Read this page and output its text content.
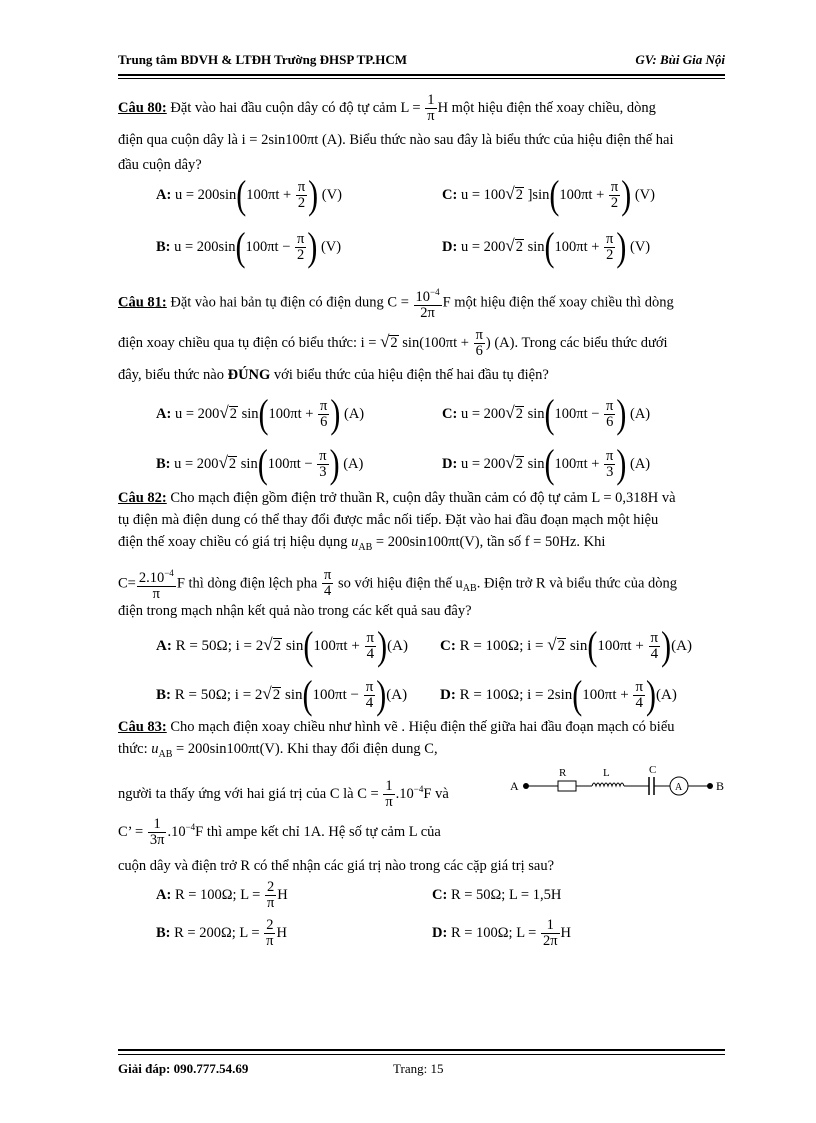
Trung tâm BDVH & LTĐH Trường ĐHSP TP.HCM	GV: Bùi Gia Nội
Câu 80: Đặt vào hai đầu cuộn dây có độ tự cảm $L = \frac{1}{\pi}$ H một hiệu điện thế xoay chiều, dòng
điện qua cuộn dây là i = 2sin100πt (A). Biểu thức nào sau đây là biểu thức của hiệu điện thế hai
đầu cuộn dây?
A: $u = 200\sin(100\pi t + \frac{\pi}{2}$ ) (V)	C: u = 100√2 ]$\sin(100\pi t + \frac{\pi}{2}$ ) (V)
B: $u = 200\sin(100\pi t - \frac{\pi}{2}$ ) (V)	D: u = 200√2 $\sin(100\pi t + \frac{\pi}{2}$ ) (V)
Câu 81: Đặt vào hai bản tụ điện có điện dung $C = \frac{10^{-4}}{2\pi}$ F một hiệu điện thế xoay chiều thì dòng
điện xoay chiều qua tụ điện có biểu thức: i = √2 $\sin(100\pi t + \frac{\pi}{6}$ ) (A). Trong các biểu thức dưới
đây, biểu thức nào ĐÚNG với biểu thức của hiệu điện thế hai đầu tụ điện?
A: u = 200√2 $\sin(100\pi t + \frac{\pi}{6}$ ) (A)	C: u = 200√2 $\sin(100\pi t - \frac{\pi}{6}$ ) (A)
B: u = 200√2 $\sin(100\pi t - \frac{\pi}{3}$ ) (A)	D: u = 200√2 $\sin(100\pi t + \frac{\pi}{3}$ ) (A)
Câu 82: Cho mạch điện gồm điện trở thuần R, cuộn dây thuần cảm có độ tự cảm L = 0,318H và
tụ điện mà điện dung có thể thay đổi được mắc nối tiếp. Đặt vào hai đầu đoạn mạch một hiệu
điện thế xoay chiều có giá trị hiệu dụng $u_{AB} = 200\sin 100\pi t(V)$, tần số f = 50Hz. Khi
$C= \frac{2.10^{-4}}{\pi}$ F thì dòng điện lệch pha $\frac{\pi}{4}$ so với hiệu điện thế $u_{AB}$. Điện trở R và biểu thức của dòng
điện trong mạch nhận kết quả nào trong các kết quả sau đây?
A: R = 50Ω; i = 2√2 $\sin(100\pi t + \frac{\pi}{4} )(A)$ C: R = 100Ω; i = √2 $\sin(100\pi t + \frac{\pi}{4} )(A)$
B: R = 50Ω; i = 2√2 $\sin(100\pi t - \frac{\pi}{4} )(A)$ D: R = 100Ω; $i = 2\sin(100\pi t + \frac{\pi}{4} )(A)$
Câu 83: Cho mạch điện xoay chiều như hình vẽ . Hiệu điện thế giữa hai đầu đoạn mạch có biểu
thức: $u_{AB} = 200\sin 100\pi t(V)$. Khi thay đổi điện dung C,
người ta thấy ứng với hai giá trị của C là $C = \frac{1}{\pi} .10^{-4}F$ và	A
R	L	C
A	B
C’ = $\frac{1}{3\pi} .10^{-4}F$ thì ampe kết chỉ 1A. Hệ số tự cảm L của
cuộn dây và điện trở R có thể nhận các giá trị nào trong các cặp giá trị sau?
A: R = 100Ω; $L = \frac{2}{\pi}$ H	C: R = 50Ω; L = 1,5H
B: R = 200Ω; $L = \frac{2}{\pi}$ H	D: R = 100Ω; $L = \frac{1}{2\pi}$ H
Giải đáp: 090.777.54.69	Trang: 15
